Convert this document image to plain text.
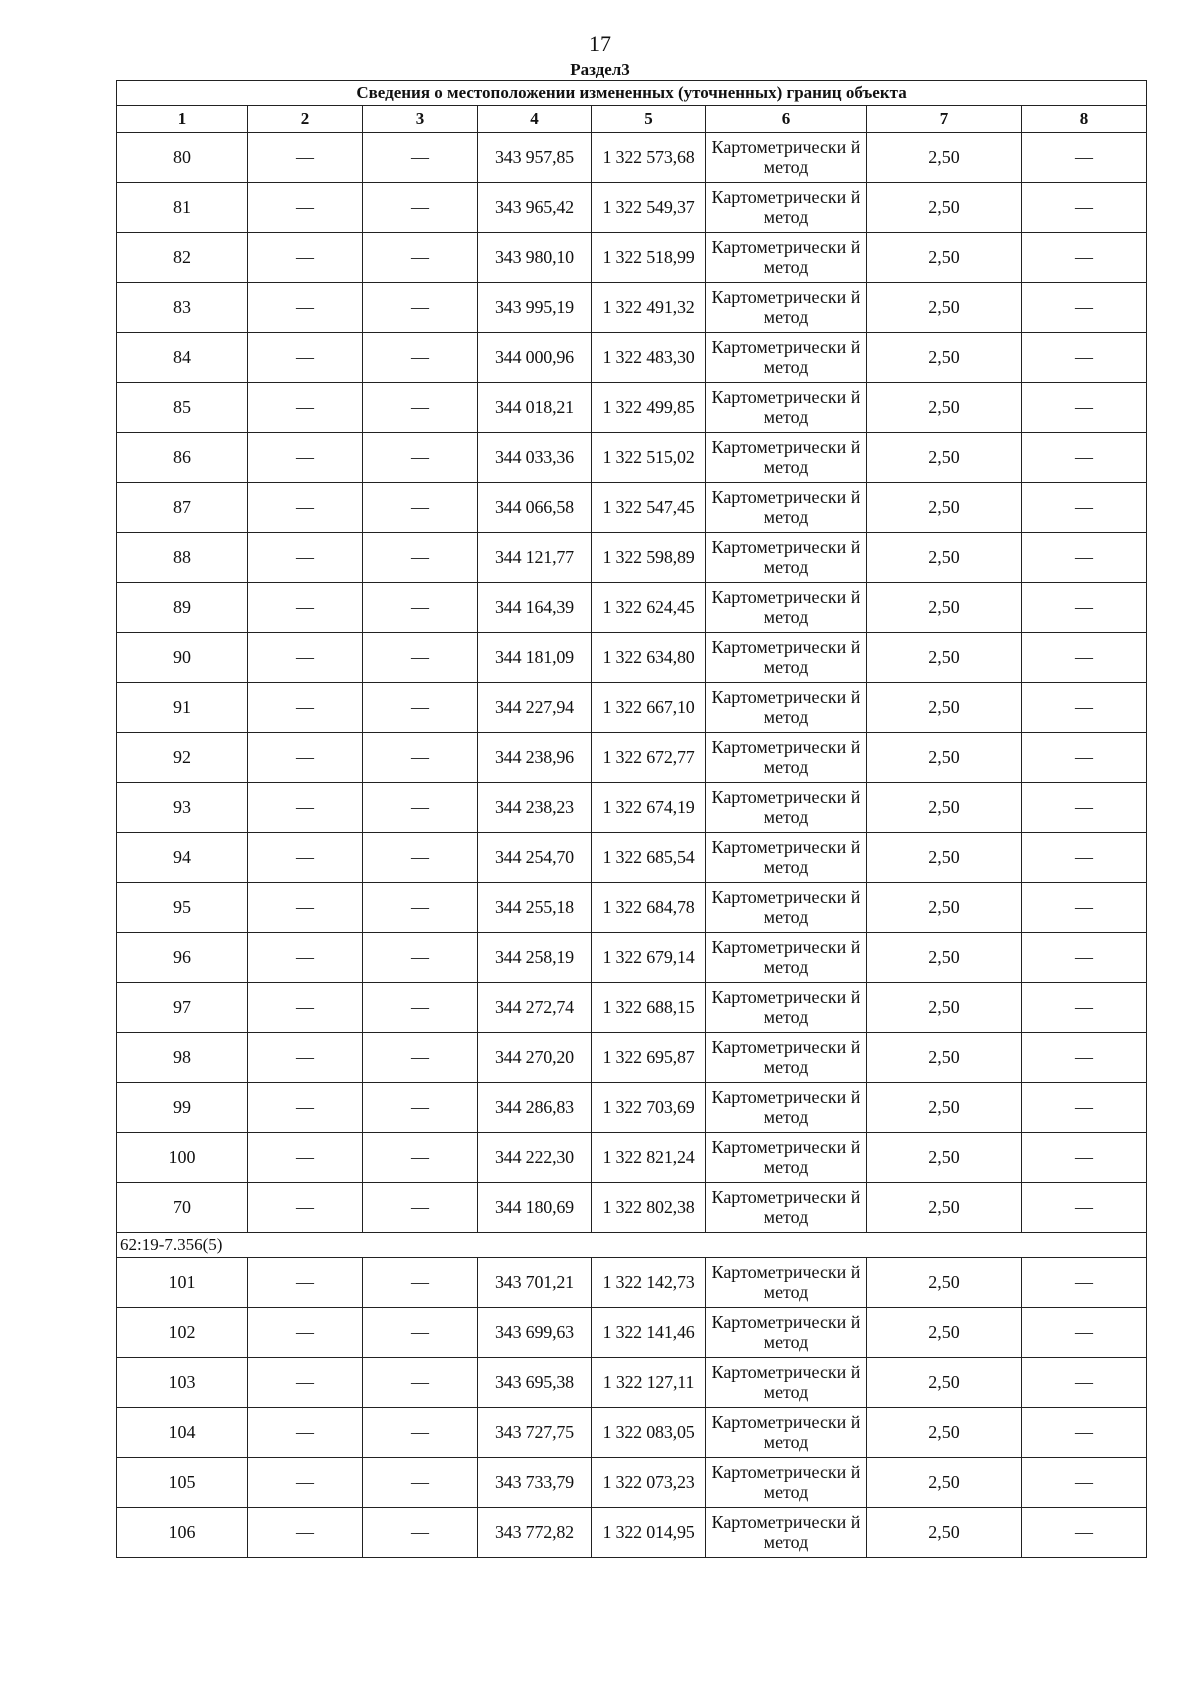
17
Раздел3
Сведения о местоположении измененных (уточненных) границ объекта							
1	2	3	4	5	6	7	8
80	—	—	343 957,85	1 322 573,68	Картометрически й метод	2,50	—
81	—	—	343 965,42	1 322 549,37	Картометрически й метод	2,50	—
82	—	—	343 980,10	1 322 518,99	Картометрически й метод	2,50	—
83	—	—	343 995,19	1 322 491,32	Картометрически й метод	2,50	—
84	—	—	344 000,96	1 322 483,30	Картометрически й метод	2,50	—
85	—	—	344 018,21	1 322 499,85	Картометрически й метод	2,50	—
86	—	—	344 033,36	1 322 515,02	Картометрически й метод	2,50	—
87	—	—	344 066,58	1 322 547,45	Картометрически й метод	2,50	—
88	—	—	344 121,77	1 322 598,89	Картометрически й метод	2,50	—
89	—	—	344 164,39	1 322 624,45	Картометрически й метод	2,50	—
90	—	—	344 181,09	1 322 634,80	Картометрически й метод	2,50	—
91	—	—	344 227,94	1 322 667,10	Картометрически й метод	2,50	—
92	—	—	344 238,96	1 322 672,77	Картометрически й метод	2,50	—
93	—	—	344 238,23	1 322 674,19	Картометрически й метод	2,50	—
94	—	—	344 254,70	1 322 685,54	Картометрически й метод	2,50	—
95	—	—	344 255,18	1 322 684,78	Картометрически й метод	2,50	—
96	—	—	344 258,19	1 322 679,14	Картометрически й метод	2,50	—
97	—	—	344 272,74	1 322 688,15	Картометрически й метод	2,50	—
98	—	—	344 270,20	1 322 695,87	Картометрически й метод	2,50	—
99	—	—	344 286,83	1 322 703,69	Картометрически й метод	2,50	—
100	—	—	344 222,30	1 322 821,24	Картометрически й метод	2,50	—
70	—	—	344 180,69	1 322 802,38	Картометрически й метод	2,50	—
62:19-7.356(5)							
101	—	—	343 701,21	1 322 142,73	Картометрически й метод	2,50	—
102	—	—	343 699,63	1 322 141,46	Картометрически й метод	2,50	—
103	—	—	343 695,38	1 322 127,11	Картометрически й метод	2,50	—
104	—	—	343 727,75	1 322 083,05	Картометрически й метод	2,50	—
105	—	—	343 733,79	1 322 073,23	Картометрически й метод	2,50	—
106	—	—	343 772,82	1 322 014,95	Картометрически й метод	2,50	—
